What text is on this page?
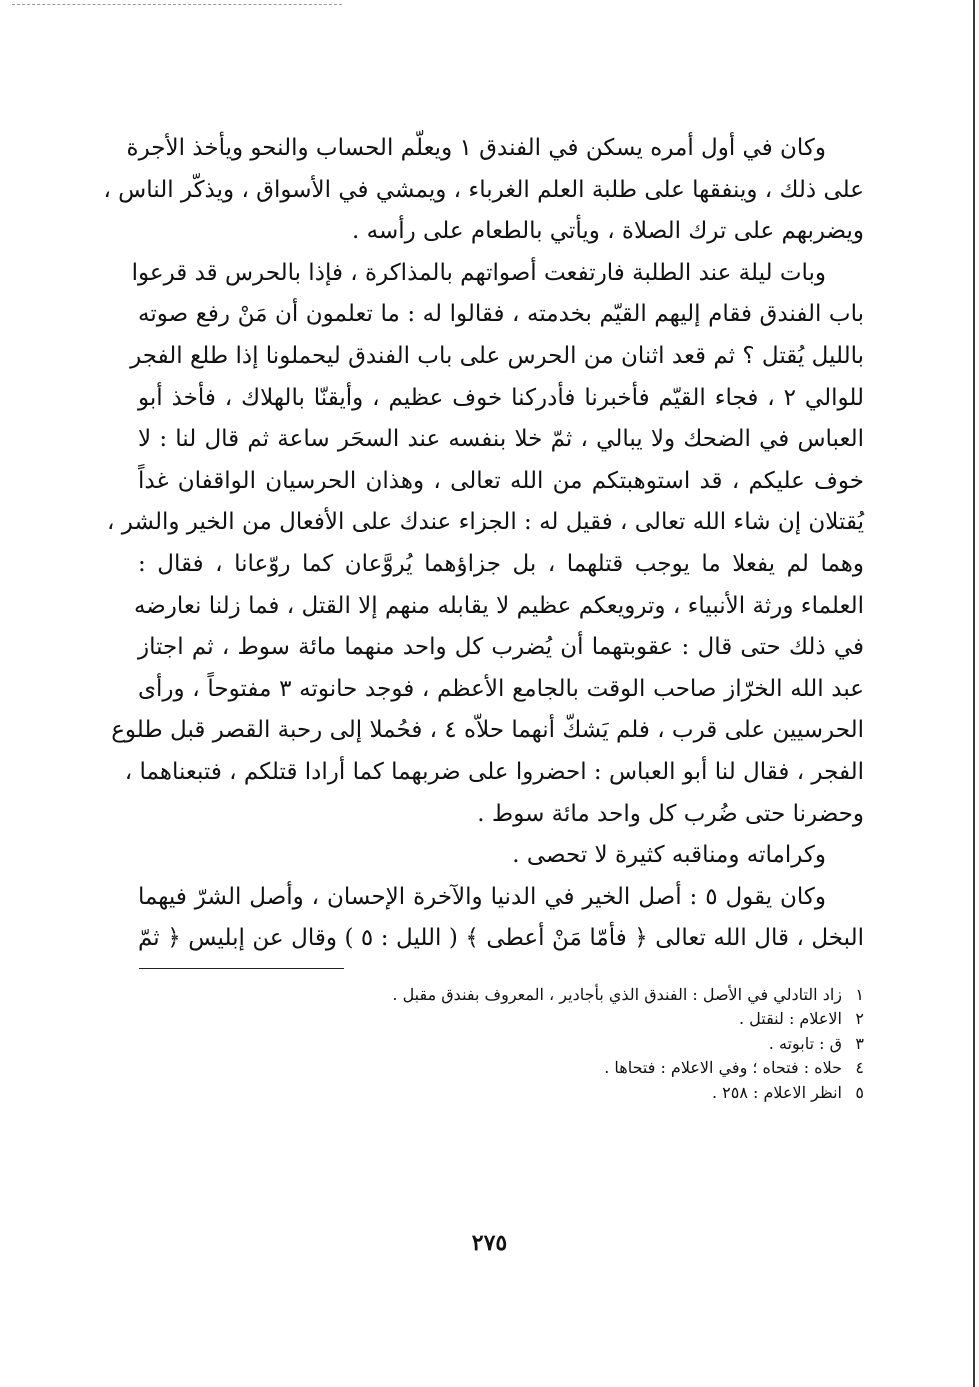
وكان في أول أمره يسكن في الفندق ١ ويعلّم الحساب والنحو ويأخذ الأجرة
على ذلك ، وينفقها على طلبة العلم الغرباء ، ويمشي في الأسواق ، ويذكّر الناس ،
ويضربهم على ترك الصلاة ، ويأتي بالطعام على رأسه .
وبات ليلة عند الطلبة فارتفعت أصواتهم بالمذاكرة ، فإذا بالحرس قد قرعوا
باب الفندق فقام إليهم القيّم بخدمته ، فقالوا له : ما تعلمون أن مَنْ رفع صوته
بالليل يُقتل ؟ ثم قعد اثنان من الحرس على باب الفندق ليحملونا إذا طلع الفجر
للوالي ٢ ، فجاء القيّم فأخبرنا فأدركنا خوف عظيم ، وأيقنّا بالهلاك ، فأخذ أبو
العباس في الضحك ولا يبالي ، ثمّ خلا بنفسه عند السحَر ساعة ثم قال لنا : لا
خوف عليكم ، قد استوهبتكم من الله تعالى ، وهذان الحرسيان الواقفان غداً
يُقتلان إن شاء الله تعالى ، فقيل له : الجزاء عندك على الأفعال من الخير والشر ،
وهما لم يفعلا ما يوجب قتلهما ، بل جزاؤهما يُروَّعان كما روّعانا ، فقال :
العلماء ورثة الأنبياء ، وترويعكم عظيم لا يقابله منهم إلا القتل ، فما زلنا نعارضه
في ذلك حتى قال : عقوبتهما أن يُضرب كل واحد منهما مائة سوط ، ثم اجتاز
عبد الله الخرّاز صاحب الوقت بالجامع الأعظم ، فوجد حانوته ٣ مفتوحاً ، ورأى
الحرسيين على قرب ، فلم يَشكّ أنهما حلاّه ٤ ، فحُملا إلى رحبة القصر قبل طلوع
الفجر ، فقال لنا أبو العباس : احضروا على ضربهما كما أرادا قتلكم ، فتبعناهما ،
وحضرنا حتى ضُرب كل واحد مائة سوط .
وكراماته ومناقبه كثيرة لا تحصى .
وكان يقول ٥ : أصل الخير في الدنيا والآخرة الإحسان ، وأصل الشرّ فيهما
البخل ، قال الله تعالى ﴿ فأمّا مَنْ أعطى ﴾ ( الليل : ٥ ) وقال عن إبليس ﴿ ثمّ
١زاد التادلي في الأصل : الفندق الذي بأجادير ، المعروف بفندق مقبل .
٢الاعلام : لنقتل .
٣ق : تابوته .
٤حلاه : فتحاه ؛ وفي الاعلام : فتحاها .
٥انظر الاعلام : ٢٥٨ .
٢٧٥
